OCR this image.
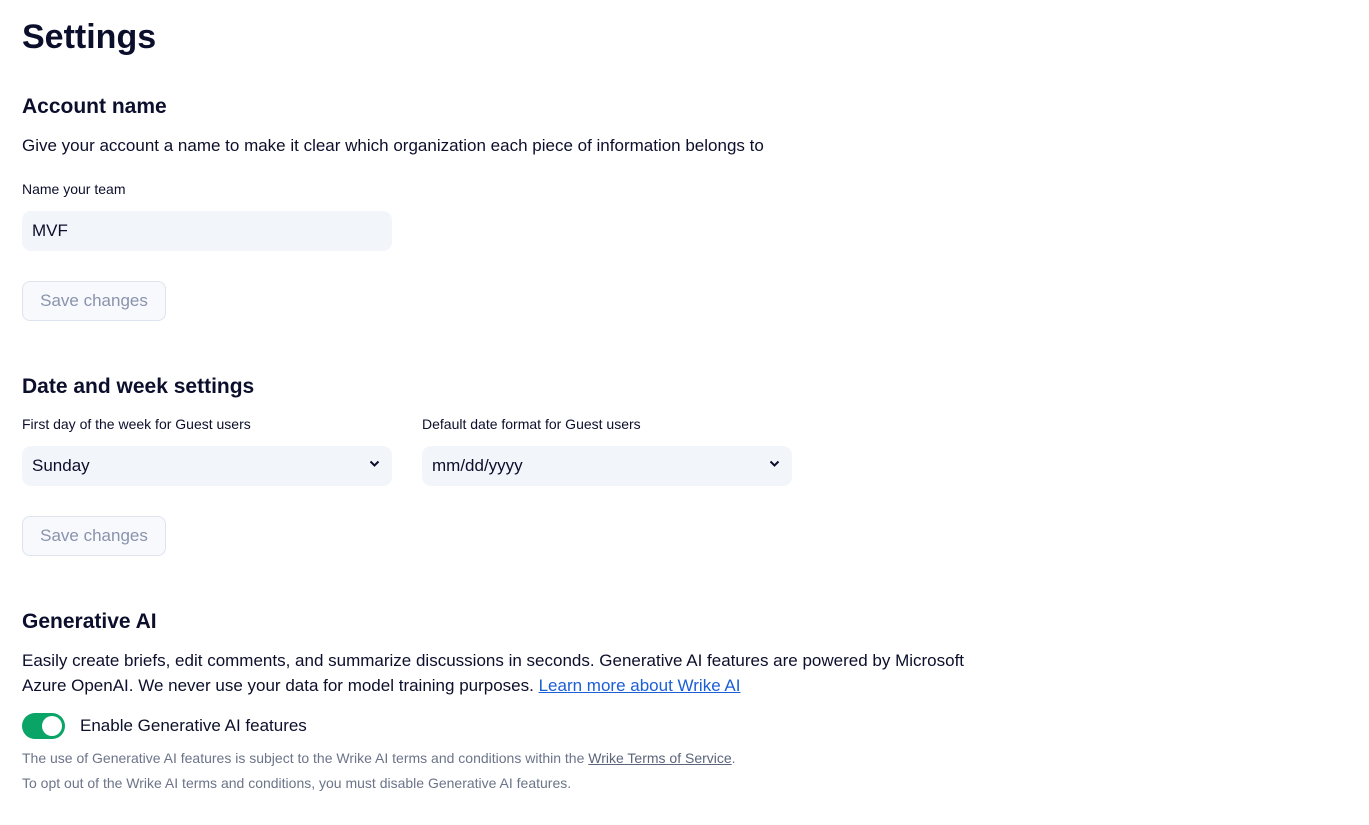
Settings
Account name
Give your account a name to make it clear which organization each piece of information belongs to
Name your team
MVF
Save changes
Date and week settings
First day of the week for Guest users
Sunday
Default date format for Guest users
mm/dd/yyyy
Save changes
Generative AI
Easily create briefs, edit comments, and summarize discussions in seconds. Generative AI features are powered by Microsoft Azure OpenAI. We never use your data for model training purposes. Learn more about Wrike AI
Enable Generative AI features
The use of Generative AI features is subject to the Wrike AI terms and conditions within the Wrike Terms of Service.
To opt out of the Wrike AI terms and conditions, you must disable Generative AI features.
